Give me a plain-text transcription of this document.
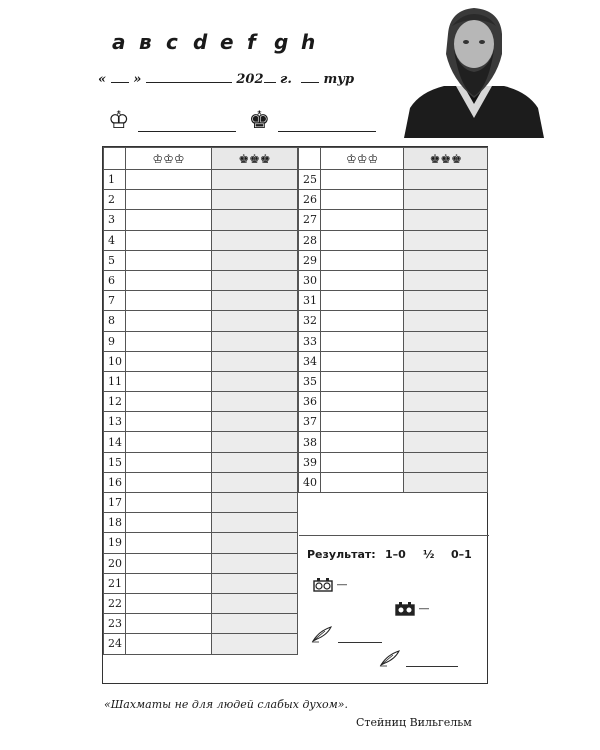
a в c d e f g h
« »	202 г. тур
♔	♚
	♔♔♔	♚♚♚
1		
2		
3		
4		
5		
6		
7		
8		
9		
10		
11		
12		
13		
14		
15		
16		
17		
18		
19		
20		
21		
22		
23		
24		
	♔♔♔	♚♚♚
25		
26		
27		
28		
29		
30		
31		
32		
33		
34		
35		
36		
37		
38		
39		
40		
Результат: 1–0 ½ 0–1
—
—

«Шахматы не для людей слабых духом».
Стейниц Вильгельм
